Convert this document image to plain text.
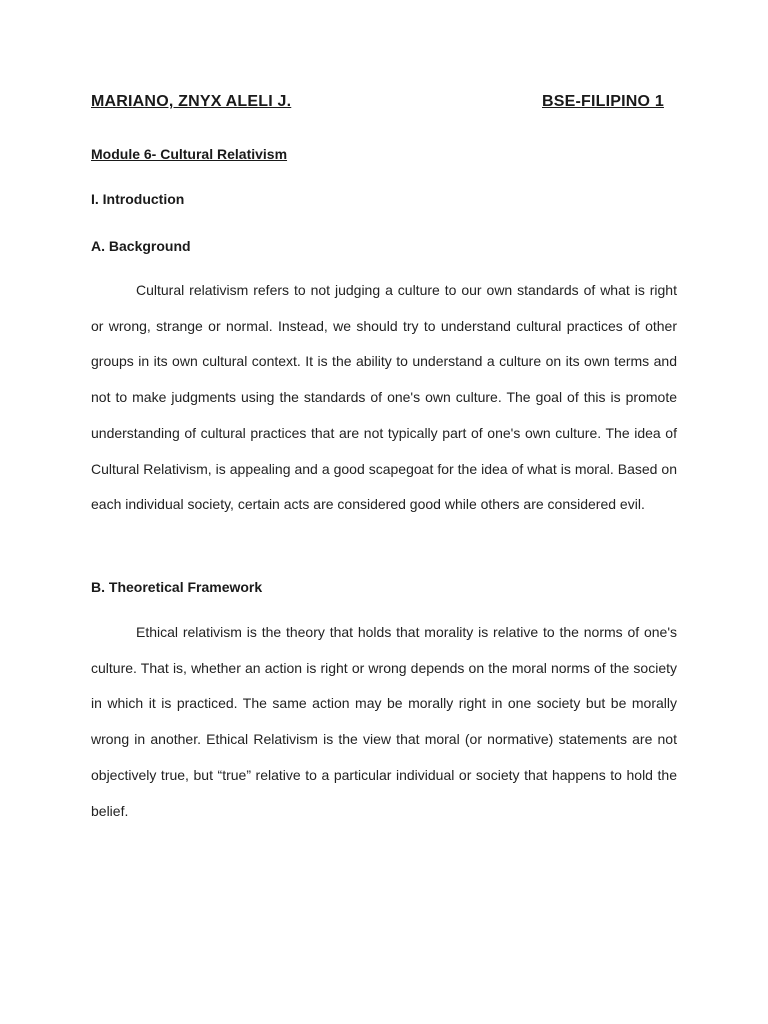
MARIANO, ZNYX ALELI J.	BSE-FILIPINO 1
Module 6- Cultural Relativism
I. Introduction
A. Background

Cultural relativism refers to not judging a culture to our own standards of what is right or wrong, strange or normal. Instead, we should try to understand cultural practices of other groups in its own cultural context. It is the ability to understand a culture on its own terms and not to make judgments using the standards of one's own culture. The goal of this is promote understanding of cultural practices that are not typically part of one's own culture. The idea of Cultural Relativism, is appealing and a good scapegoat for the idea of what is moral. Based on each individual society, certain acts are considered good while others are considered evil.

B. Theoretical Framework

Ethical relativism is the theory that holds that morality is relative to the norms of one's culture. That is, whether an action is right or wrong depends on the moral norms of the society in which it is practiced. The same action may be morally right in one society but be morally wrong in another. Ethical Relativism is the view that moral (or normative) statements are not objectively true, but “true” relative to a particular individual or society that happens to hold the belief.
